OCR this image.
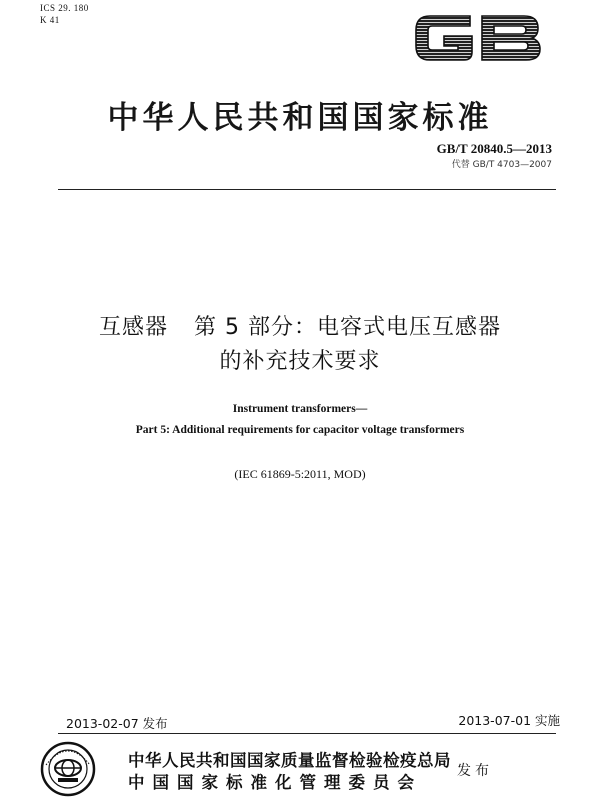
ICS 29. 180
K 41
中华人民共和国国家标准
GB/T 20840.5—2013
代替 GB/T 4703—2007
互感器 第 5 部分：电容式电压互感器
的补充技术要求
Instrument transformers—
Part 5: Additional requirements for capacitor voltage transformers
(IEC 61869-5:2011, MOD)
2013-02-07 发布	2013-07-01 实施
中华人民共和国国家质量监督检验检疫总局
中国国家标准化管理委员会
发布
